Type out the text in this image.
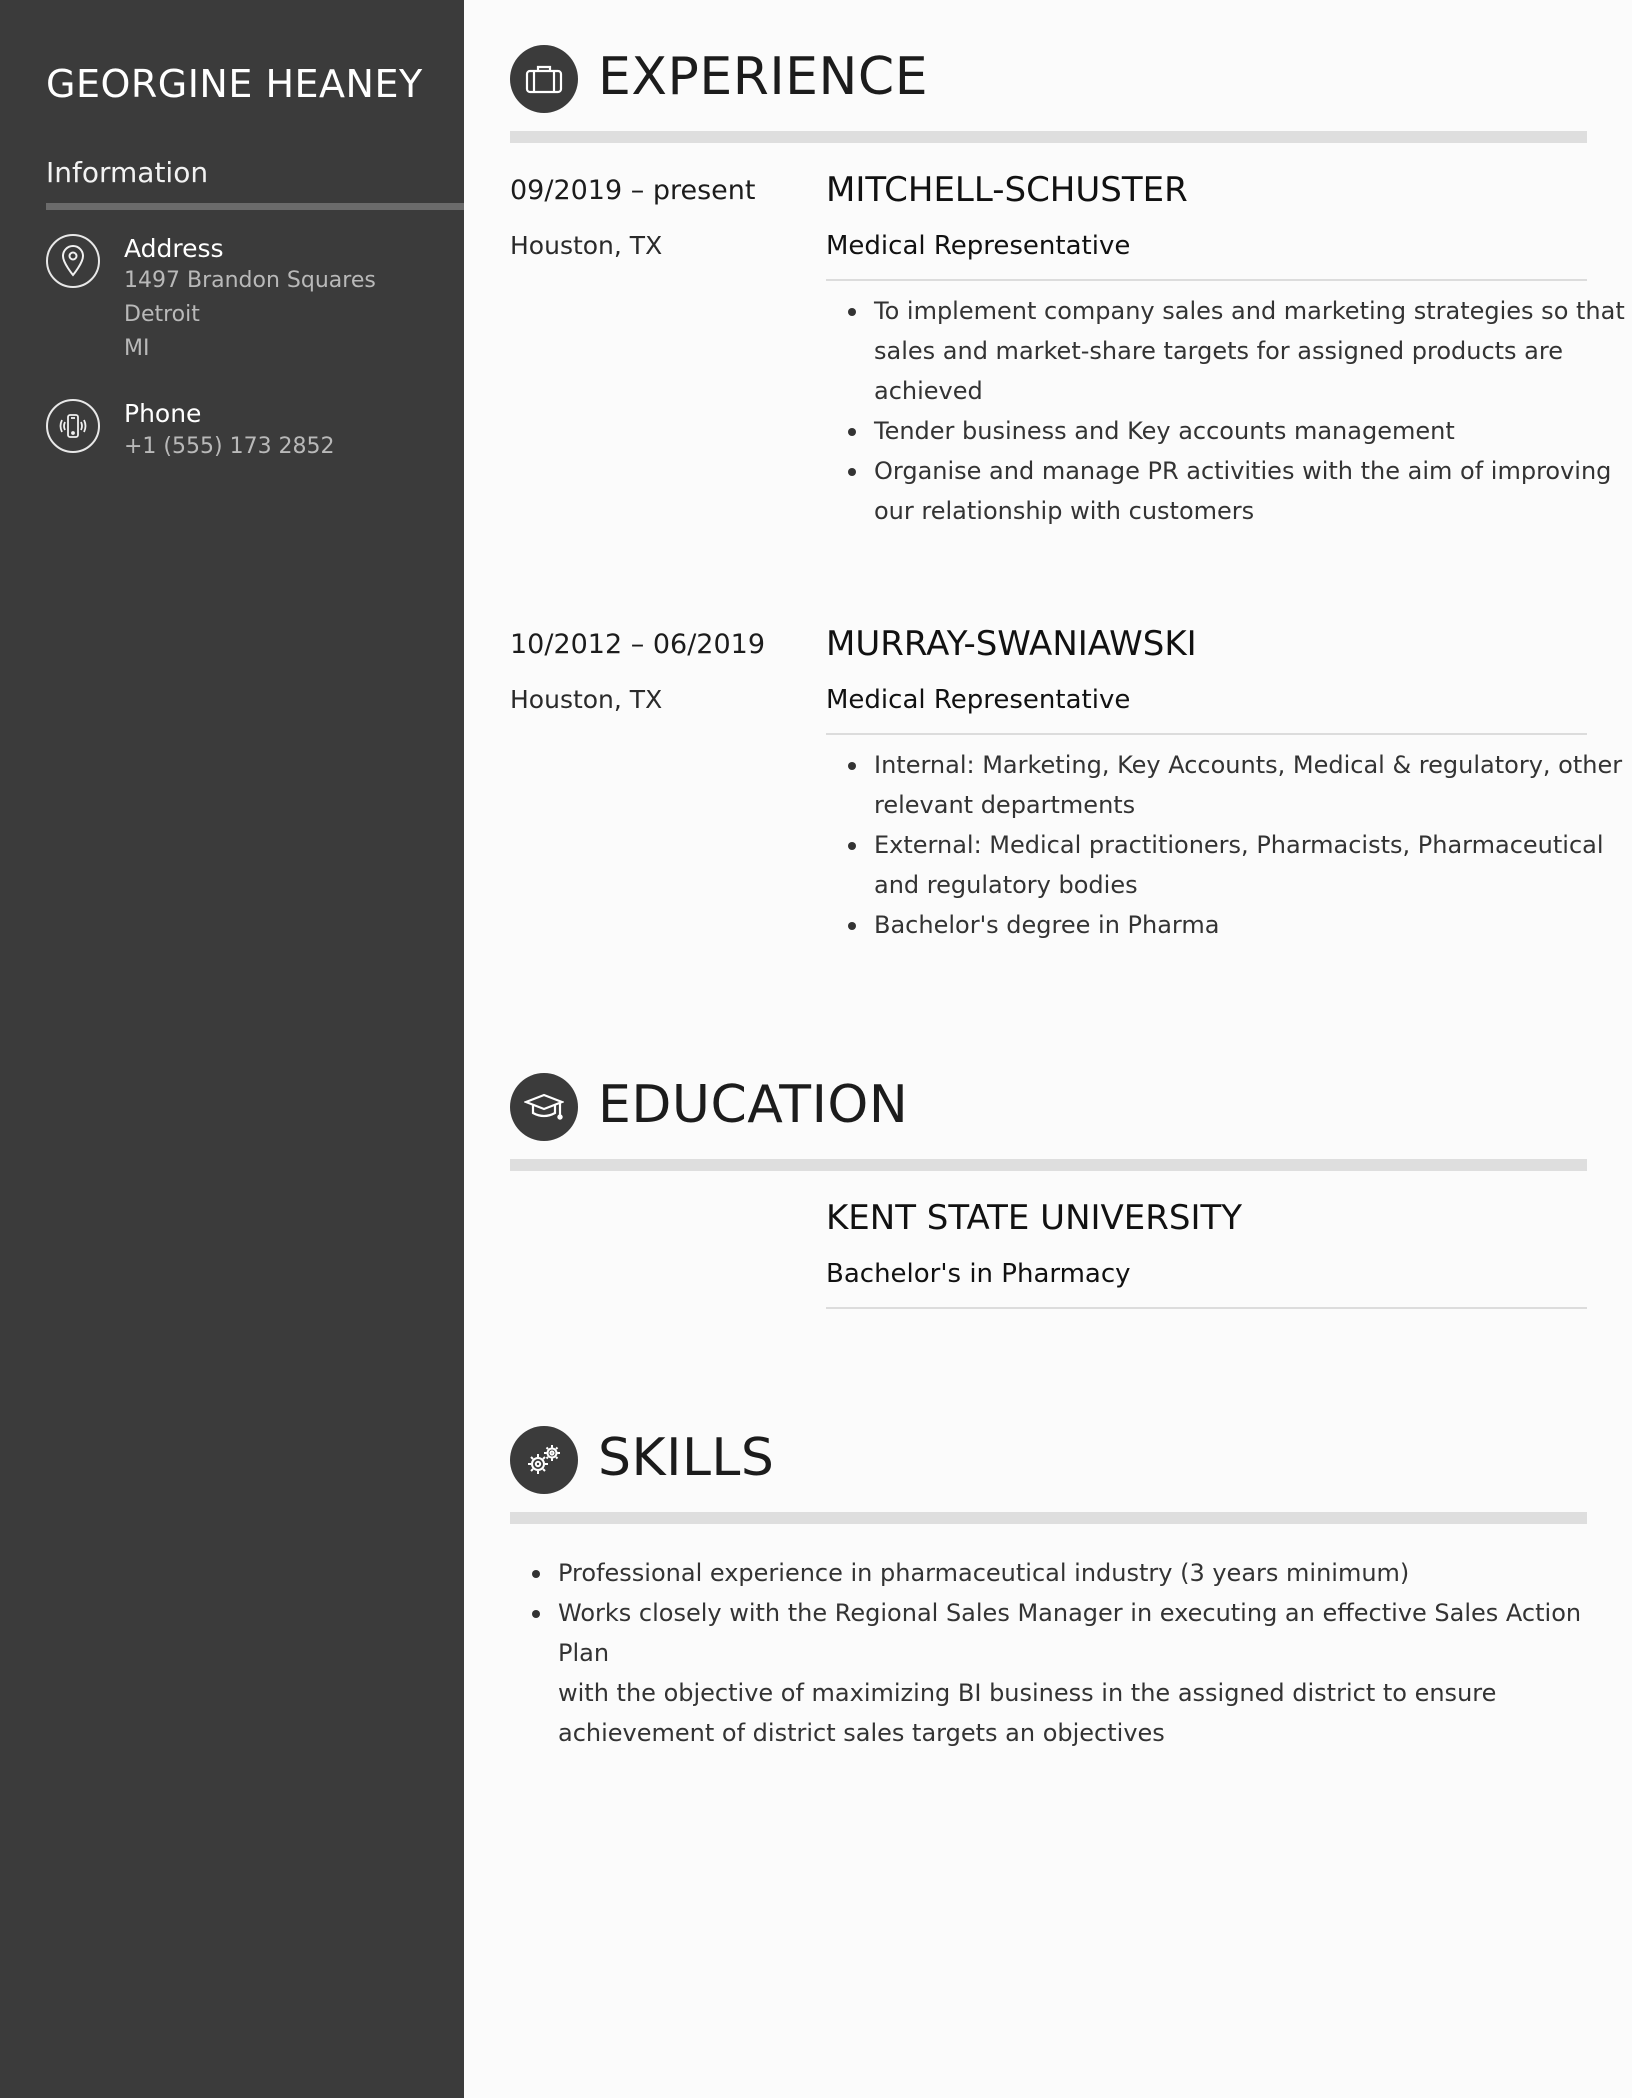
GEORGINE HEANEY
Information
Address
1497 Brandon Squares
Detroit
MI
Phone
+1 (555) 173 2852
EXPERIENCE
09/2019 – present
Houston, TX
MITCHELL-SCHUSTER
Medical Representative
To implement company sales and marketing strategies so that
sales and market-share targets for assigned products are
achieved
Tender business and Key accounts management
Organise and manage PR activities with the aim of improving
our relationship with customers
10/2012 – 06/2019
Houston, TX
MURRAY-SWANIAWSKI
Medical Representative
Internal: Marketing, Key Accounts, Medical & regulatory, other
relevant departments
External: Medical practitioners, Pharmacists, Pharmaceutical
and regulatory bodies
Bachelor's degree in Pharma
EDUCATION
KENT STATE UNIVERSITY
Bachelor's in Pharmacy
SKILLS
Professional experience in pharmaceutical industry (3 years minimum)
Works closely with the Regional Sales Manager in executing an effective Sales Action Plan
with the objective of maximizing BI business in the assigned district to ensure
achievement of district sales targets an objectives
